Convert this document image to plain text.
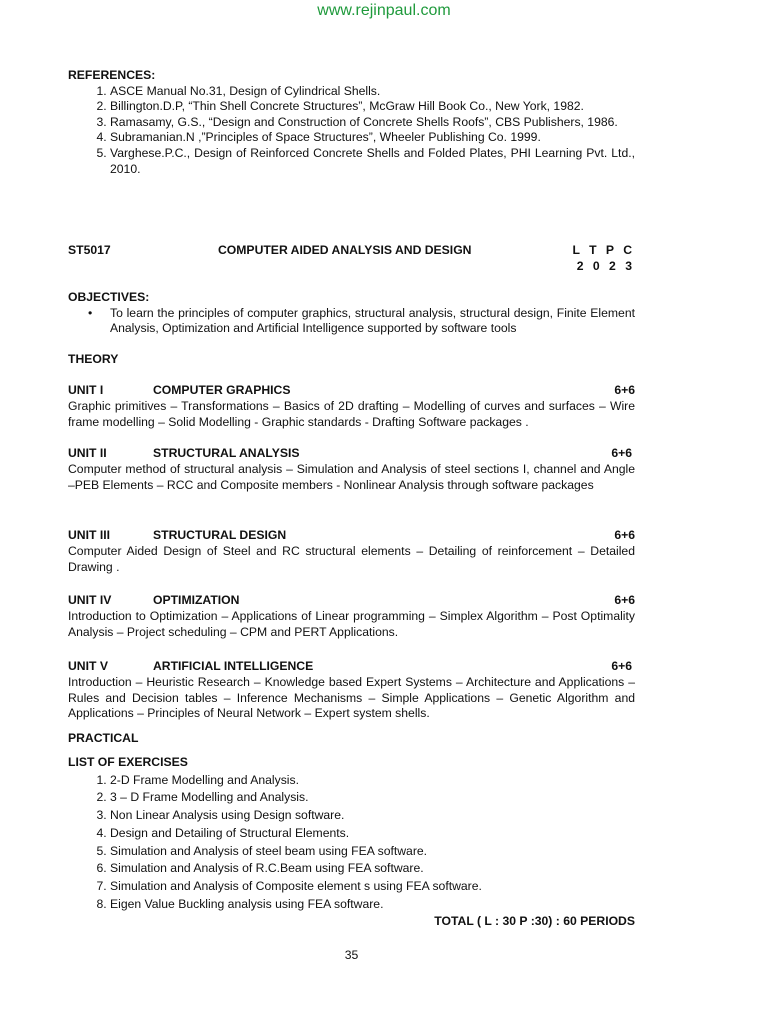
www.rejinpaul.com
REFERENCES:
1. ASCE Manual No.31, Design of Cylindrical Shells.
2. Billington.D.P, “Thin Shell Concrete Structures”, McGraw Hill Book Co., New York, 1982.
3. Ramasamy, G.S., “Design and Construction of Concrete Shells Roofs”, CBS Publishers, 1986.
4. Subramanian.N ,”Principles of Space Structures”, Wheeler Publishing Co. 1999.
5. Varghese.P.C., Design of Reinforced Concrete Shells and Folded Plates, PHI Learning Pvt. Ltd., 2010.
ST5017	COMPUTER AIDED ANALYSIS AND DESIGN	L T P C
2 0 2 3
OBJECTIVES:
• To learn the principles of computer graphics, structural analysis, structural design, Finite Element Analysis, Optimization and Artificial Intelligence supported by software tools
THEORY
UNIT I	COMPUTER GRAPHICS	6+6
Graphic primitives – Transformations – Basics of 2D drafting – Modelling of curves and surfaces – Wire frame modelling – Solid Modelling - Graphic standards - Drafting Software packages .
UNIT II	STRUCTURAL ANALYSIS	6+6
Computer method of structural analysis – Simulation and Analysis of steel sections I, channel and Angle –PEB Elements – RCC and Composite members - Nonlinear Analysis through software packages
UNIT III	STRUCTURAL DESIGN	6+6
Computer Aided Design of Steel and RC structural elements – Detailing of reinforcement – Detailed Drawing .
UNIT IV	OPTIMIZATION	6+6
Introduction to Optimization – Applications of Linear programming – Simplex Algorithm – Post Optimality Analysis – Project scheduling – CPM and PERT Applications.
UNIT V	ARTIFICIAL INTELLIGENCE	6+6
Introduction – Heuristic Research – Knowledge based Expert Systems – Architecture and Applications – Rules and Decision tables – Inference Mechanisms – Simple Applications – Genetic Algorithm and Applications – Principles of Neural Network – Expert system shells.
PRACTICAL
LIST OF EXERCISES
1. 2-D Frame Modelling and Analysis.
2. 3 – D Frame Modelling and Analysis.
3. Non Linear Analysis using Design software.
4. Design and Detailing of Structural Elements.
5. Simulation and Analysis of steel beam using FEA software.
6. Simulation and Analysis of R.C.Beam using FEA software.
7. Simulation and Analysis of Composite element s using FEA software.
8. Eigen Value Buckling analysis using FEA software.
TOTAL ( L : 30 P :30) : 60 PERIODS
35
